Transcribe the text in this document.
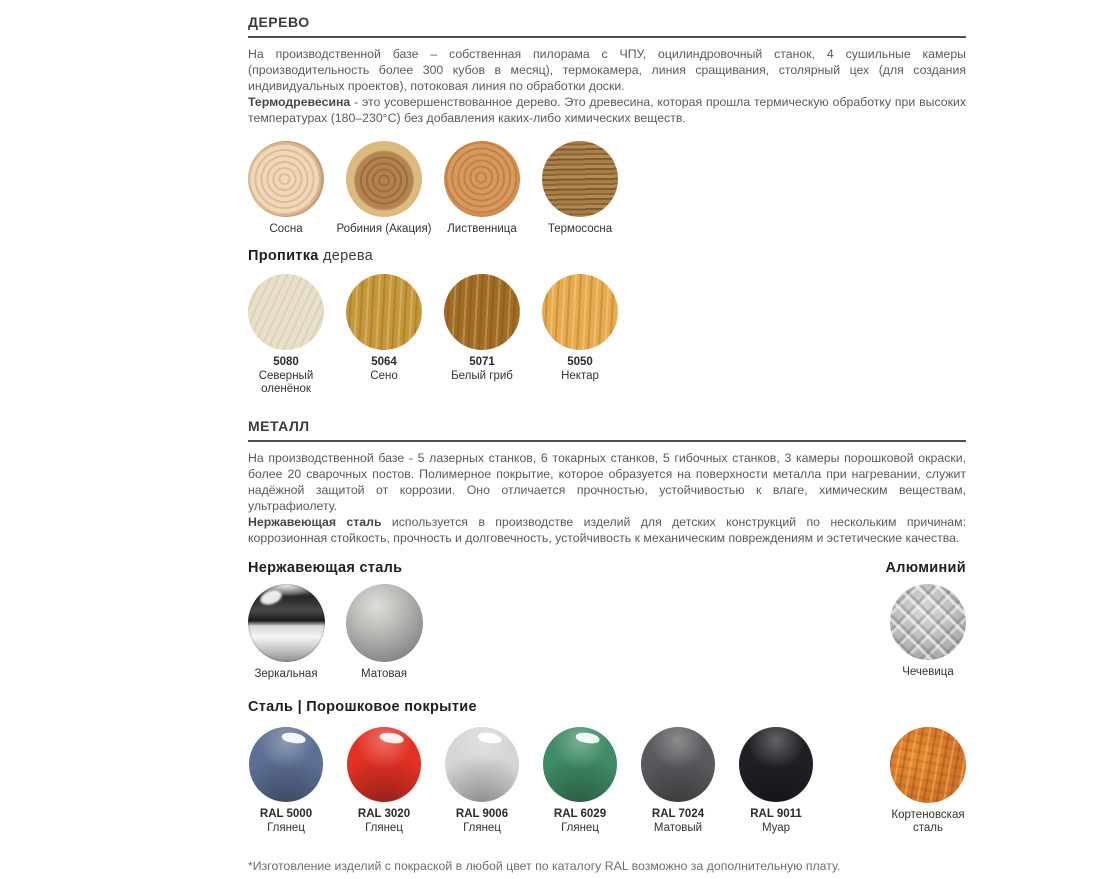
ДЕРЕВО
На производственной базе – собственная пилорама с ЧПУ, оцилиндровочный станок, 4 сушильные камеры (производительность более 300 кубов в месяц), термокамера, линия сращивания, столярный цех (для создания индивидуальных проектов), потоковая линия по обработки доски.
Термодревесина - это усовершенствованное дерево. Это древесина, которая прошла термическую обработку при высоких температурах (180–230°С) без добавления каких-либо химических веществ.
Сосна	Робиния (Акация) Лиственница	Термососна
Пропитка дерева
5080
Северный оленёнок
5064
Сено
5071
Белый гриб
5050
Нектар
МЕТАЛЛ
На производственной базе - 5 лазерных станков, 6 токарных станков, 5 гибочных станков, 3 камеры порошковой окраски, более 20 сварочных постов. Полимерное покрытие, которое образуется на поверхности металла при нагревании, служит надёжной защитой от коррозии. Оно отличается прочностью, устойчивостью к влаге, химическим веществам, ультрафиолету.
Нержавеющая сталь используется в производстве изделий для детских конструкций по нескольким причинам: коррозионная стойкость, прочность и долговечность, устойчивость к механическим повреждениям и эстетические качества.
Нержавеющая сталь	Алюминий
Зеркальная	Матовая	Чечевица
Сталь | Порошковое покрытие
RAL 5000
Глянец
RAL 3020
Глянец
RAL 9006
Глянец
RAL 6029
Глянец
RAL 7024
Матовый
RAL 9011
Муар
Кортеновская сталь
*Изготовление изделий с покраской в любой цвет по каталогу RAL возможно за дополнительную плату.
